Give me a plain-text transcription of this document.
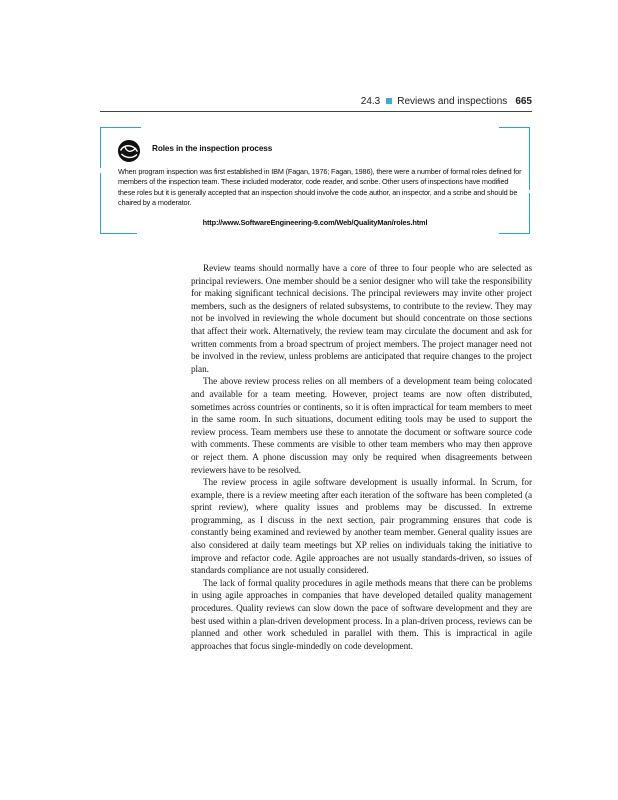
24.3 Reviews and inspections 665
Roles in the inspection process
When program inspection was first established in IBM (Fagan, 1976; Fagan, 1986), there were a number of formal roles defined for members of the inspection team. These included moderator, code reader, and scribe. Other users of inspections have modified these roles but it is generally accepted that an inspection should involve the code author, an inspector, and a scribe and should be chaired by a moderator.
http://www.SoftwareEngineering-9.com/Web/QualityMan/roles.html

Review teams should normally have a core of three to four people who are selected as principal reviewers. One member should be a senior designer who will take the responsibility for making significant technical decisions. The principal reviewers may invite other project members, such as the designers of related subsystems, to contribute to the review. They may not be involved in reviewing the whole document but should concentrate on those sections that affect their work. Alternatively, the review team may circulate the document and ask for written comments from a broad spectrum of project members. The project manager need not be involved in the review, unless problems are anticipated that require changes to the project plan.

The above review process relies on all members of a development team being colocated and available for a team meeting. However, project teams are now often distributed, sometimes across countries or continents, so it is often impractical for team members to meet in the same room. In such situations, document editing tools may be used to support the review process. Team members use these to annotate the document or software source code with comments. These comments are visible to other team members who may then approve or reject them. A phone discussion may only be required when disagreements between reviewers have to be resolved.

The review process in agile software development is usually informal. In Scrum, for example, there is a review meeting after each iteration of the software has been completed (a sprint review), where quality issues and problems may be discussed. In extreme programming, as I discuss in the next section, pair programming ensures that code is constantly being examined and reviewed by another team member. General quality issues are also considered at daily team meetings but XP relies on individuals taking the initiative to improve and refactor code. Agile approaches are not usually standards-driven, so issues of standards compliance are not usually considered.

The lack of formal quality procedures in agile methods means that there can be problems in using agile approaches in companies that have developed detailed quality management procedures. Quality reviews can slow down the pace of software development and they are best used within a plan-driven development process. In a plan-driven process, reviews can be planned and other work scheduled in parallel with them. This is impractical in agile approaches that focus single-mindedly on code development.
